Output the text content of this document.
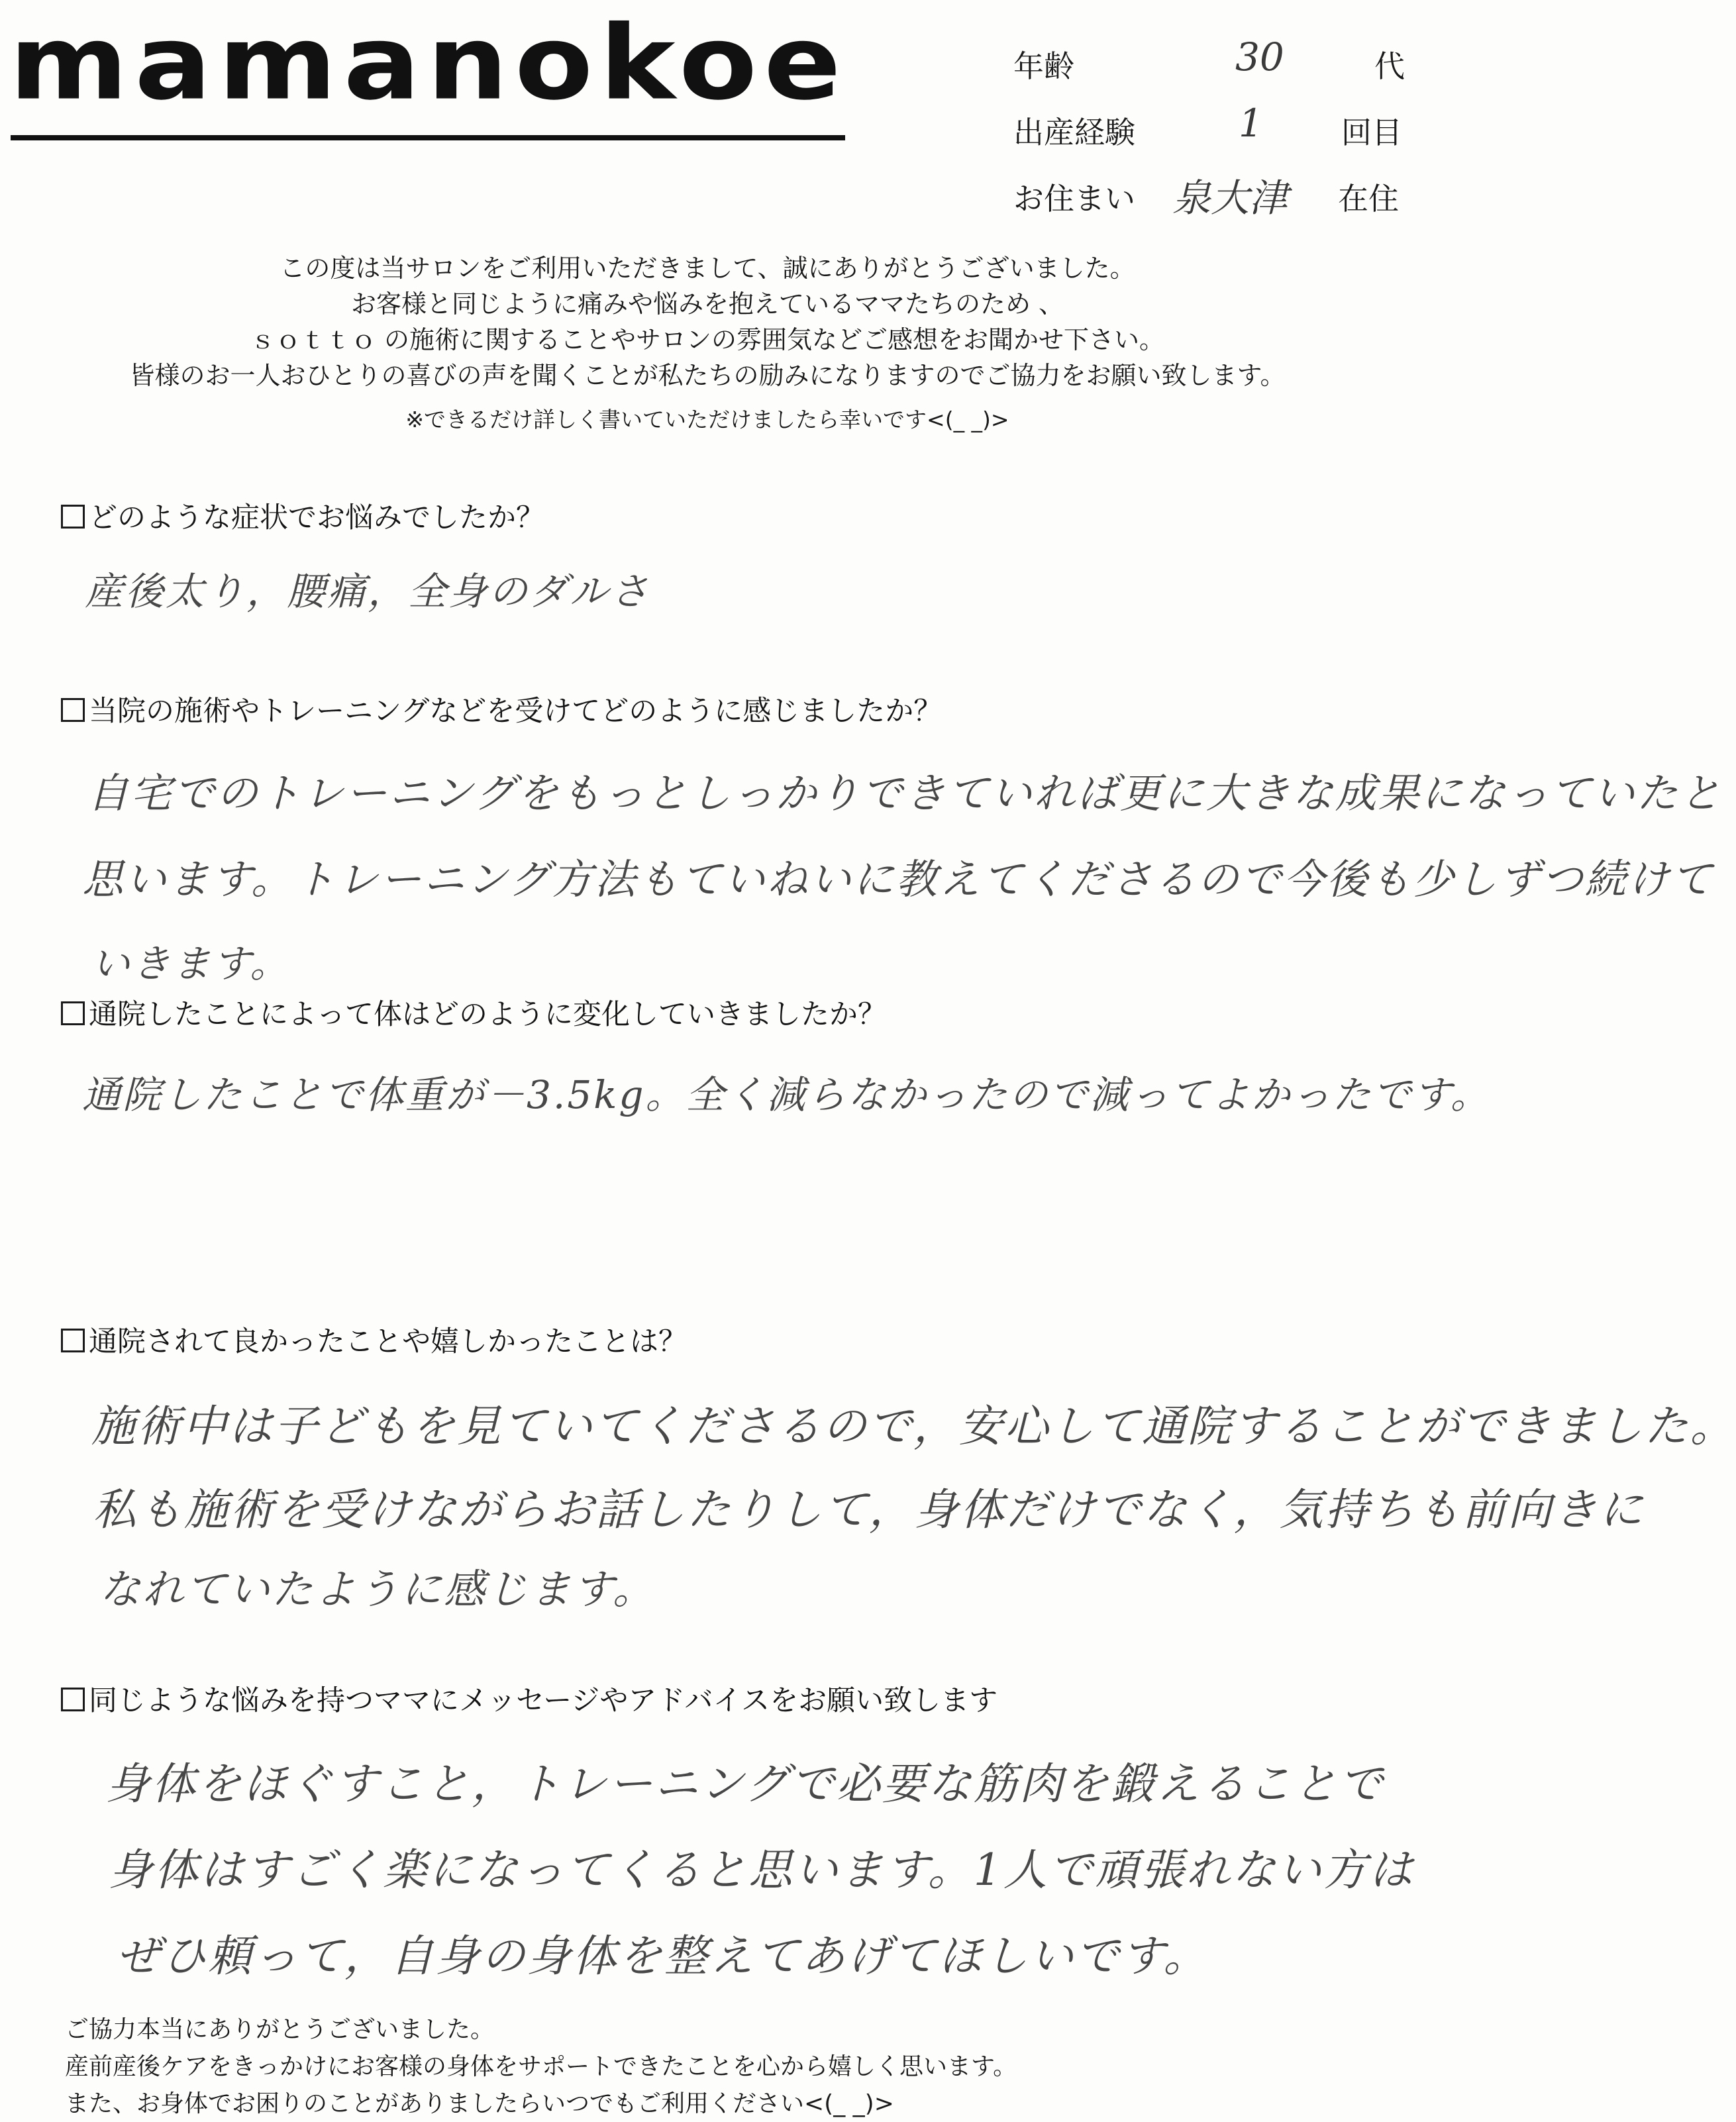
mamanokoe	年齢	30	代
出産経験	1	回目
お住まい 泉大津 在住
この度は当サロンをご利用いただきまして、誠にありがとうございました。
お客様と同じように痛みや悩みを抱えているママたちのため 、
ｓｏｔｔｏ の施術に関することやサロンの雰囲気などご感想をお聞かせ下さい。
皆様のお一人おひとりの喜びの声を聞くことが私たちの励みになりますのでご協力をお願い致します。
※できるだけ詳しく書いていただけましたら幸いです<(_ _)>
どのような症状でお悩みでしたか？
産後太り，腰痛，全身のダルさ
当院の施術やトレーニングなどを受けてどのように感じましたか？
自宅でのトレーニングをもっとしっかりできていれば更に大きな成果になっていたと
思います。トレーニング方法もていねいに教えてくださるので今後も少しずつ続けて
いきます。
通院したことによって体はどのように変化していきましたか？
通院したことで体重が－3.5kg。全く減らなかったので減ってよかったです。
通院されて良かったことや嬉しかったことは？
施術中は子どもを見ていてくださるので，安心して通院することができました。
私も施術を受けながらお話したりして，身体だけでなく，気持ちも前向きに
なれていたように感じます。
同じような悩みを持つママにメッセージやアドバイスをお願い致します
身体をほぐすこと，トレーニングで必要な筋肉を鍛えることで
身体はすごく楽になってくると思います。1人で頑張れない方は
ぜひ頼って，自身の身体を整えてあげてほしいです。
ご協力本当にありがとうございました。
産前産後ケアをきっかけにお客様の身体をサポートできたことを心から嬉しく思います。
また、お身体でお困りのことがありましたらいつでもご利用ください<(_ _)>
